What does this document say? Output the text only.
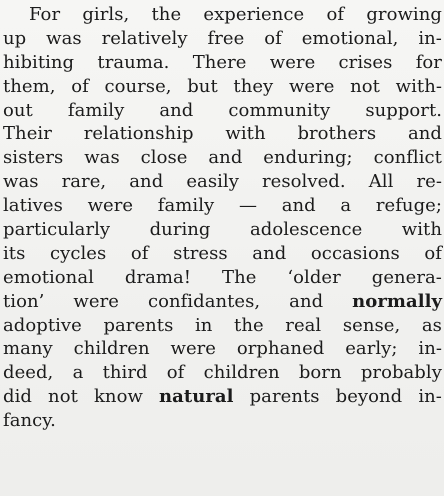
For girls, the experience of growing
up was relatively free of emotional, in-
hibiting trauma. There were crises for
them, of course, but they were not with-
out family and community support.
Their relationship with brothers and
sisters was close and enduring; conflict
was rare, and easily resolved. All re-
latives were family — and a refuge;
particularly during adolescence with
its cycles of stress and occasions of
emotional drama! The ‘older genera-
tion’ were confidantes, and normally
adoptive parents in the real sense, as
many children were orphaned early; in-
deed, a third of children born probably
did not know natural parents beyond in-
fancy.
